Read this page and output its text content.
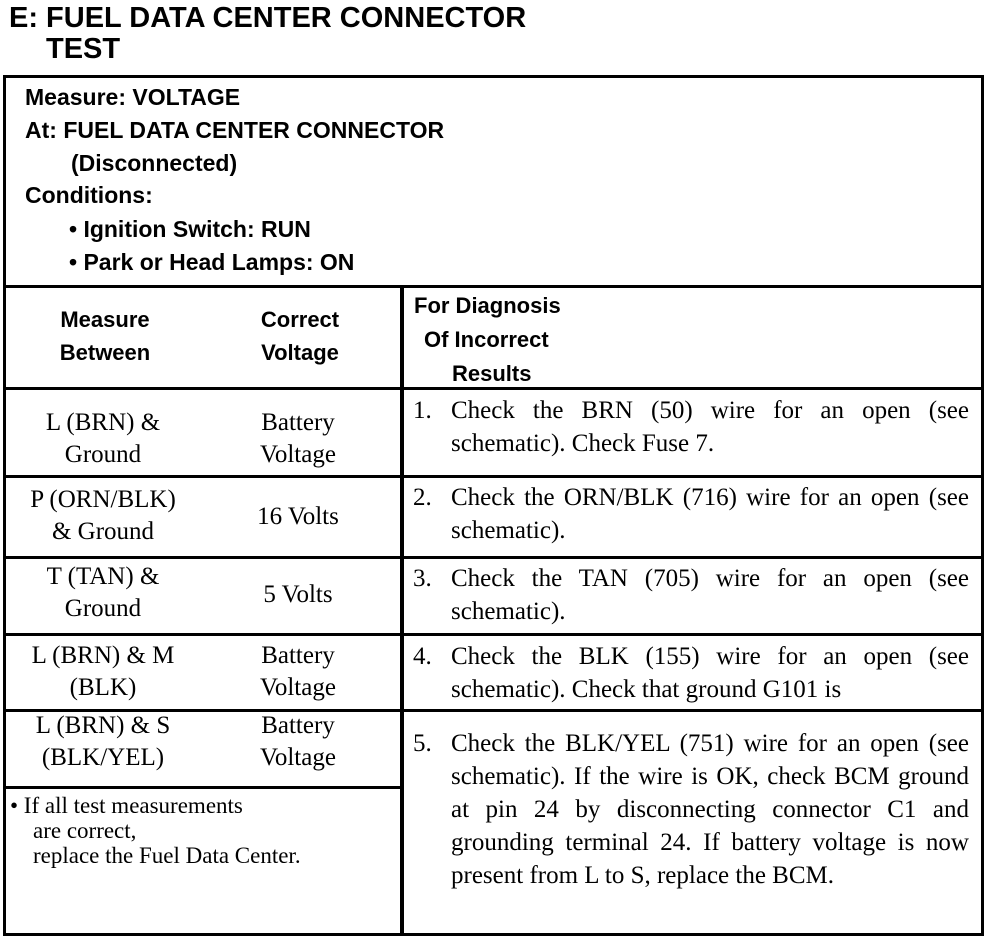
E: FUEL DATA CENTER CONNECTOR
TEST
Measure: VOLTAGE
At: FUEL DATA CENTER CONNECTOR
(Disconnected)
Conditions:
• Ignition Switch: RUN
• Park or Head Lamps: ON
Measure
Between
Correct
Voltage
For Diagnosis
Of Incorrect
Results
L (BRN) &
Ground
Battery
Voltage
1. Check the BRN (50) wire for an open (see schematic). Check Fuse 7.
P (ORN/BLK)
& Ground
16 Volts
2. Check the ORN/BLK (716) wire for an open (see schematic).
T (TAN) &
Ground
5 Volts
3. Check the TAN (705) wire for an open (see schematic).
L (BRN) & M
(BLK)
Battery
Voltage
4. Check the BLK (155) wire for an open (see schematic). Check that ground G101 is
L (BRN) & S
(BLK/YEL)
Battery
Voltage
5. Check the BLK/YEL (751) wire for an open (see schematic). If the wire is OK, check BCM ground at pin 24 by disconnecting connector C1 and grounding terminal 24. If battery voltage is now present from L to S, replace the BCM.
• If all test measurements
are correct,
replace the Fuel Data Center.
